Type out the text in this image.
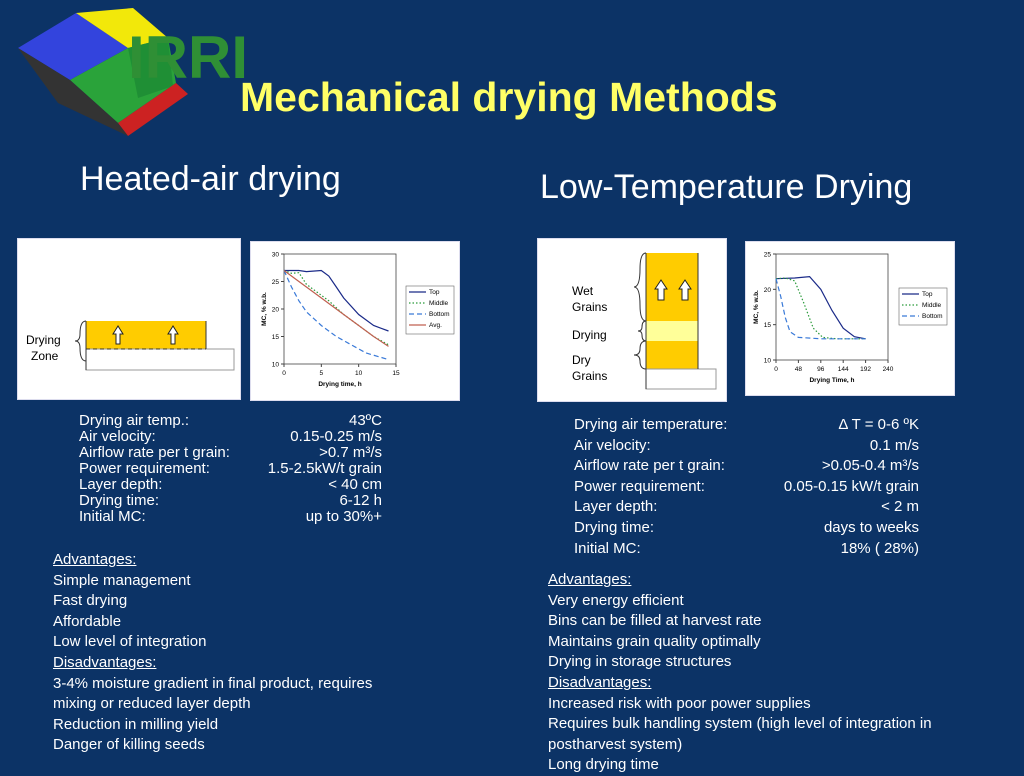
IRRI
Mechanical drying Methods
Heated-air drying	Low-Temperature Drying
Drying
Zone
0	5	10	15
10
15
20
25
30
Drying time, h
MC, % w.b.	Top
Middle
Bottom
Avg.
Wet
Grains
Drying
Dry
Grains	0	48 96 144 192 240
10
15
20
25
Drying Time, h
MC, % w.b.	Top
Middle
Bottom
Drying air temp.:	43ºC
Air velocity:	0.15-0.25 m/s
Airflow rate per t grain:	>0.7 m³/s
Power requirement:	1.5-2.5kW/t grain
Layer depth:	< 40 cm
Drying time:	6-12 h
Initial MC:	up to 30%+
Drying air temperature:	Δ T = 0-6 ºK
Air velocity:	0.1 m/s
Airflow rate per t grain:	>0.05-0.4 m³/s
Power requirement:	0.05-0.15 kW/t grain
Layer depth:	< 2 m
Drying time:	days to weeks
Initial MC:	18% ( 28%)
Advantages:
Simple management
Fast drying
Affordable
Low level of integration
Disadvantages:
3-4% moisture gradient in final product, requires
mixing or reduced layer depth
Reduction in milling yield
Danger of killing seeds
Advantages:
Very energy efficient
Bins can be filled at harvest rate
Maintains grain quality optimally
Drying in storage structures
Disadvantages:
Increased risk with poor power supplies
Requires bulk handling system (high level of integration in
postharvest system)
Long drying time
